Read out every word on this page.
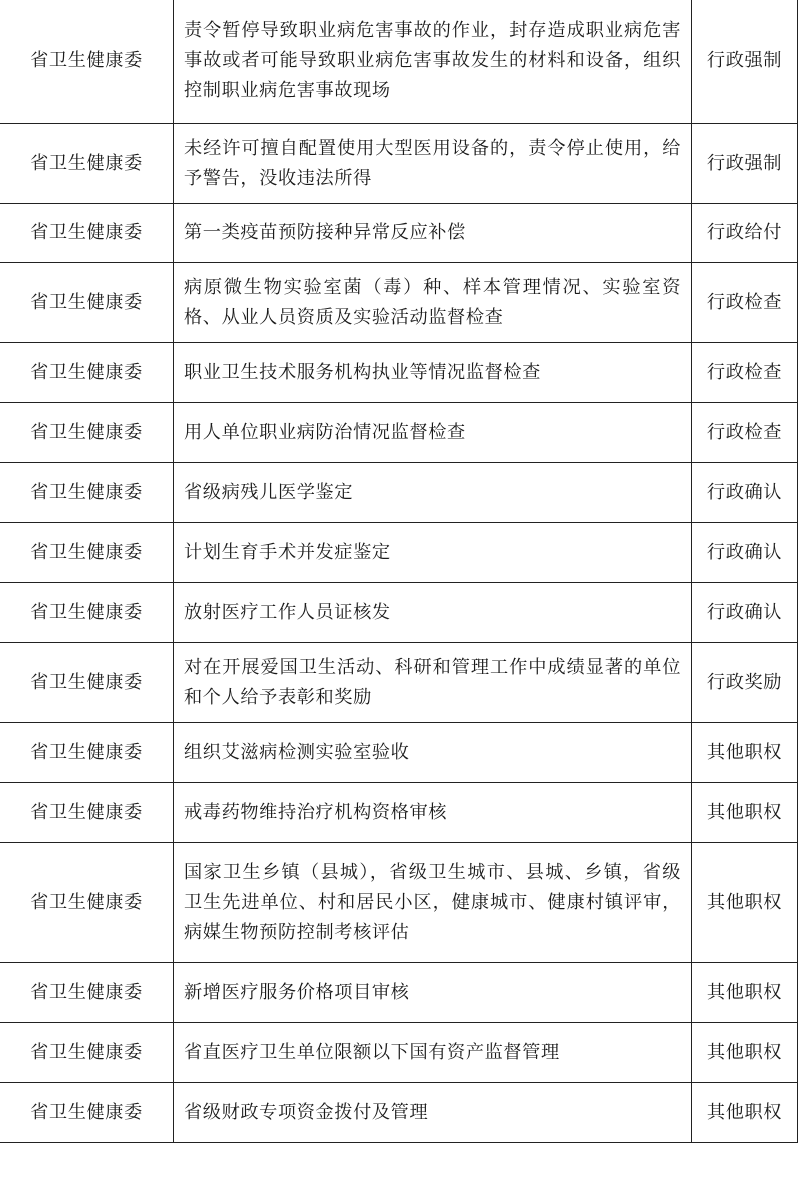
省卫生健康委	责令暂停导致职业病危害事故的作业，封存造成职业病危害事故或者可能导致职业病危害事故发生的材料和设备，组织控制职业病危害事故现场	行政强制
省卫生健康委	未经许可擅自配置使用大型医用设备的，责令停止使用，给予警告，没收违法所得	行政强制
省卫生健康委	第一类疫苗预防接种异常反应补偿	行政给付
省卫生健康委	病原微生物实验室菌（毒）种、样本管理情况、实验室资格、从业人员资质及实验活动监督检查	行政检查
省卫生健康委	职业卫生技术服务机构执业等情况监督检查	行政检查
省卫生健康委	用人单位职业病防治情况监督检查	行政检查
省卫生健康委	省级病残儿医学鉴定	行政确认
省卫生健康委	计划生育手术并发症鉴定	行政确认
省卫生健康委	放射医疗工作人员证核发	行政确认
省卫生健康委	对在开展爱国卫生活动、科研和管理工作中成绩显著的单位和个人给予表彰和奖励	行政奖励
省卫生健康委	组织艾滋病检测实验室验收	其他职权
省卫生健康委	戒毒药物维持治疗机构资格审核	其他职权
省卫生健康委	国家卫生乡镇（县城），省级卫生城市、县城、乡镇，省级卫生先进单位、村和居民小区，健康城市、健康村镇评审，病媒生物预防控制考核评估	其他职权
省卫生健康委	新增医疗服务价格项目审核	其他职权
省卫生健康委	省直医疗卫生单位限额以下国有资产监督管理	其他职权
省卫生健康委	省级财政专项资金拨付及管理	其他职权
